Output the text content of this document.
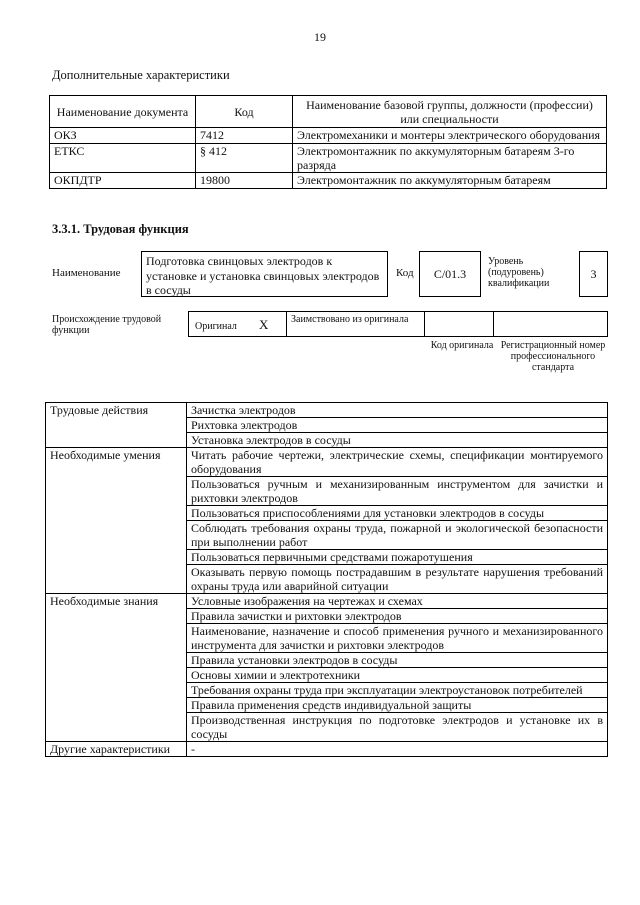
19
Дополнительные характеристики
Наименование документа	Код	Наименование базовой группы, должности (профессии) или специальности
ОКЗ	7412	Электромеханики и монтеры электрического оборудования
ЕТКС	§ 412	Электромонтажник по аккумуляторным батареям 3-го разряда
ОКПДТР	19800	Электромонтажник по аккумуляторным батареям
3.3.1. Трудовая функция
Наименование
Подготовка свинцовых электродов к установке и установка свинцовых электродов в сосуды
Код	C/01.3
Уровень (подуровень) квалификации
3
Происхождение трудовой функции	Оригинал X Заимствовано из оригинала
Код оригинала Регистрационный номер профессионального стандарта
Трудовые действия	Зачистка электродов
	Рихтовка электродов
	Установка электродов в сосуды
Необходимые умения	Читать рабочие чертежи, электрические схемы, спецификации монтируемого оборудования
	Пользоваться ручным и механизированным инструментом для зачистки и рихтовки электродов
	Пользоваться приспособлениями для установки электродов в сосуды
	Соблюдать требования охраны труда, пожарной и экологической безопасности при выполнении работ
	Пользоваться первичными средствами пожаротушения
	Оказывать первую помощь пострадавшим в результате нарушения требований охраны труда или аварийной ситуации
Необходимые знания	Условные изображения на чертежах и схемах
	Правила зачистки и рихтовки электродов
	Наименование, назначение и способ применения ручного и механизированного инструмента для зачистки и рихтовки электродов
	Правила установки электродов в сосуды
	Основы химии и электротехники
	Требования охраны труда при эксплуатации электроустановок потребителей
	Правила применения средств индивидуальной защиты
	Производственная инструкция по подготовке электродов и установке их в сосуды
Другие характеристики	-
